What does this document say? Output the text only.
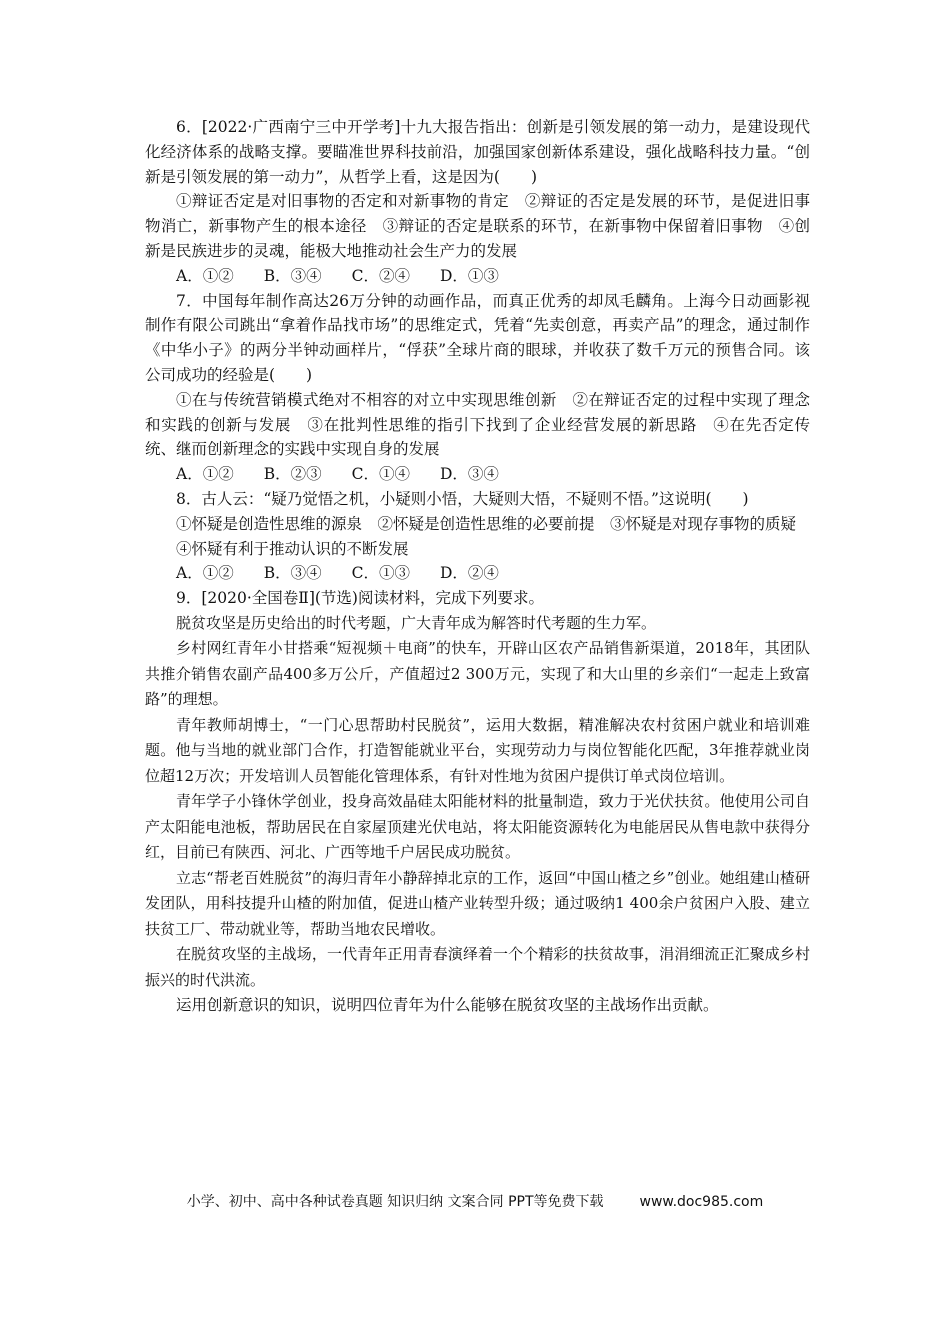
6．[2022·广西南宁三中开学考]十九大报告指出：创新是引领发展的第一动力，是建设现代化经济体系的战略支撑。要瞄准世界科技前沿，加强国家创新体系建设，强化战略科技力量。“创新是引领发展的第一动力”，从哲学上看，这是因为(　　)

①辩证否定是对旧事物的否定和对新事物的肯定　②辩证的否定是发展的环节，是促进旧事物消亡，新事物产生的根本途径　③辩证的否定是联系的环节，在新事物中保留着旧事物　④创新是民族进步的灵魂，能极大地推动社会生产力的发展

A．①② B．③④ C．②④ D．①③

7．中国每年制作高达26万分钟的动画作品，而真正优秀的却凤毛麟角。上海今日动画影视制作有限公司跳出“拿着作品找市场”的思维定式，凭着“先卖创意，再卖产品”的理念，通过制作《中华小子》的两分半钟动画样片，“俘获”全球片商的眼球，并收获了数千万元的预售合同。该公司成功的经验是(　　)

①在与传统营销模式绝对不相容的对立中实现思维创新　②在辩证否定的过程中实现了理念和实践的创新与发展　③在批判性思维的指引下找到了企业经营发展的新思路　④在先否定传统、继而创新理念的实践中实现自身的发展

A．①② B．②③ C．①④ D．③④

8．古人云：“疑乃觉悟之机，小疑则小悟，大疑则大悟，不疑则不悟。”这说明(　　)

①怀疑是创造性思维的源泉　②怀疑是创造性思维的必要前提　③怀疑是对现存事物的质疑

④怀疑有利于推动认识的不断发展

A．①② B．③④ C．①③ D．②④

9．[2020·全国卷Ⅱ](节选)阅读材料，完成下列要求。

脱贫攻坚是历史给出的时代考题，广大青年成为解答时代考题的生力军。

乡村网红青年小甘搭乘“短视频＋电商”的快车，开辟山区农产品销售新渠道，2018年，其团队共推介销售农副产品400多万公斤，产值超过2 300万元，实现了和大山里的乡亲们“一起走上致富路”的理想。

青年教师胡博士，“一门心思帮助村民脱贫”，运用大数据，精准解决农村贫困户就业和培训难题。他与当地的就业部门合作，打造智能就业平台，实现劳动力与岗位智能化匹配，3年推荐就业岗位超12万次；开发培训人员智能化管理体系，有针对性地为贫困户提供订单式岗位培训。

青年学子小锋休学创业，投身高效晶硅太阳能材料的批量制造，致力于光伏扶贫。他使用公司自产太阳能电池板，帮助居民在自家屋顶建光伏电站，将太阳能资源转化为电能居民从售电款中获得分红，目前已有陕西、河北、广西等地千户居民成功脱贫。

立志“帮老百姓脱贫”的海归青年小静辞掉北京的工作，返回“中国山楂之乡”创业。她组建山楂研发团队，用科技提升山楂的附加值，促进山楂产业转型升级；通过吸纳1 400余户贫困户入股、建立扶贫工厂、带动就业等，帮助当地农民增收。

在脱贫攻坚的主战场，一代青年正用青春演绎着一个个精彩的扶贫故事，涓涓细流正汇聚成乡村振兴的时代洪流。

运用创新意识的知识，说明四位青年为什么能够在脱贫攻坚的主战场作出贡献。

小学、初中、高中各种试卷真题 知识归纳 文案合同 PPT等免费下载	www.doc985.com
